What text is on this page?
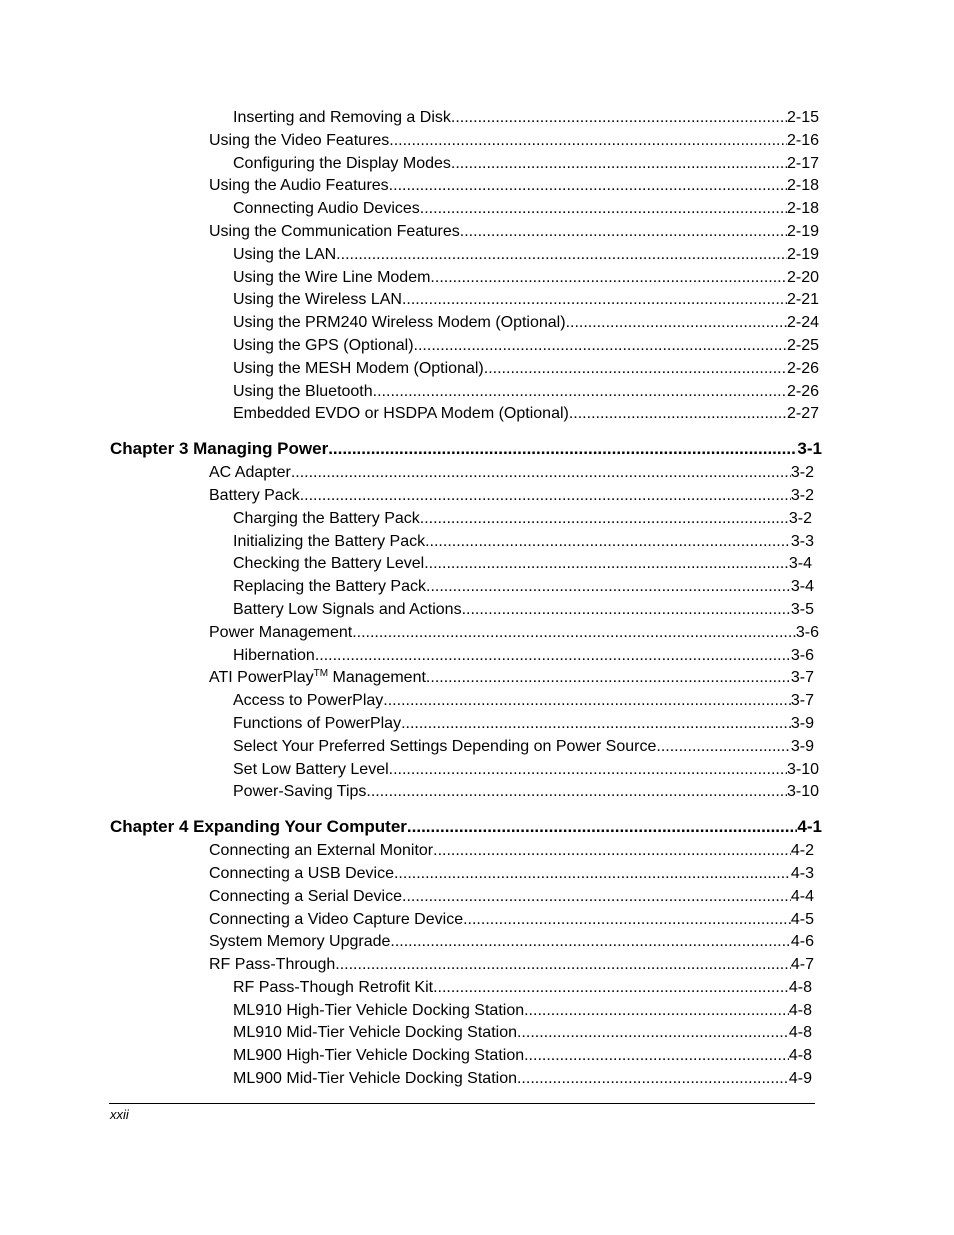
Inserting and Removing a Disk .....	2-15
Using the Video Features .....	2-16
Configuring the Display Modes .....	2-17
Using the Audio Features .....	2-18
Connecting Audio Devices .....	2-18
Using the Communication Features .....	2-19
Using the LAN .....	2-19
Using the Wire Line Modem .....	2-20
Using the Wireless LAN .....	2-21
Using the PRM240 Wireless Modem (Optional) .....	2-24
Using the GPS (Optional) .....	2-25
Using the MESH Modem (Optional) .....	2-26
Using the Bluetooth .....	2-26
Embedded EVDO or HSDPA Modem (Optional) .....	2-27
Chapter 3 Managing Power .....	3-1
AC Adapter .....	3-2
Battery Pack .....	3-2
Charging the Battery Pack .....	3-2
Initializing the Battery Pack .....	3-3
Checking the Battery Level .....	3-4
Replacing the Battery Pack .....	3-4
Battery Low Signals and Actions .....	3-5
Power Management .....	3-6
Hibernation .....	3-6
ATI PowerPlay™ Management .....	3-7
Access to PowerPlay .....	3-7
Functions of PowerPlay .....	3-9
Select Your Preferred Settings Depending on Power Source .....	3-9
Set Low Battery Level .....	3-10
Power-Saving Tips .....	3-10
Chapter 4 Expanding Your Computer .....	4-1
Connecting an External Monitor .....	4-2
Connecting a USB Device .....	4-3
Connecting a Serial Device .....	4-4
Connecting a Video Capture Device .....	4-5
System Memory Upgrade .....	4-6
RF Pass-Through .....	4-7
RF Pass-Though Retrofit Kit .....	4-8
ML910 High-Tier Vehicle Docking Station .....	4-8
ML910 Mid-Tier Vehicle Docking Station .....	4-8
ML900 High-Tier Vehicle Docking Station .....	4-8
ML900 Mid-Tier Vehicle Docking Station .....	4-9
xxii
